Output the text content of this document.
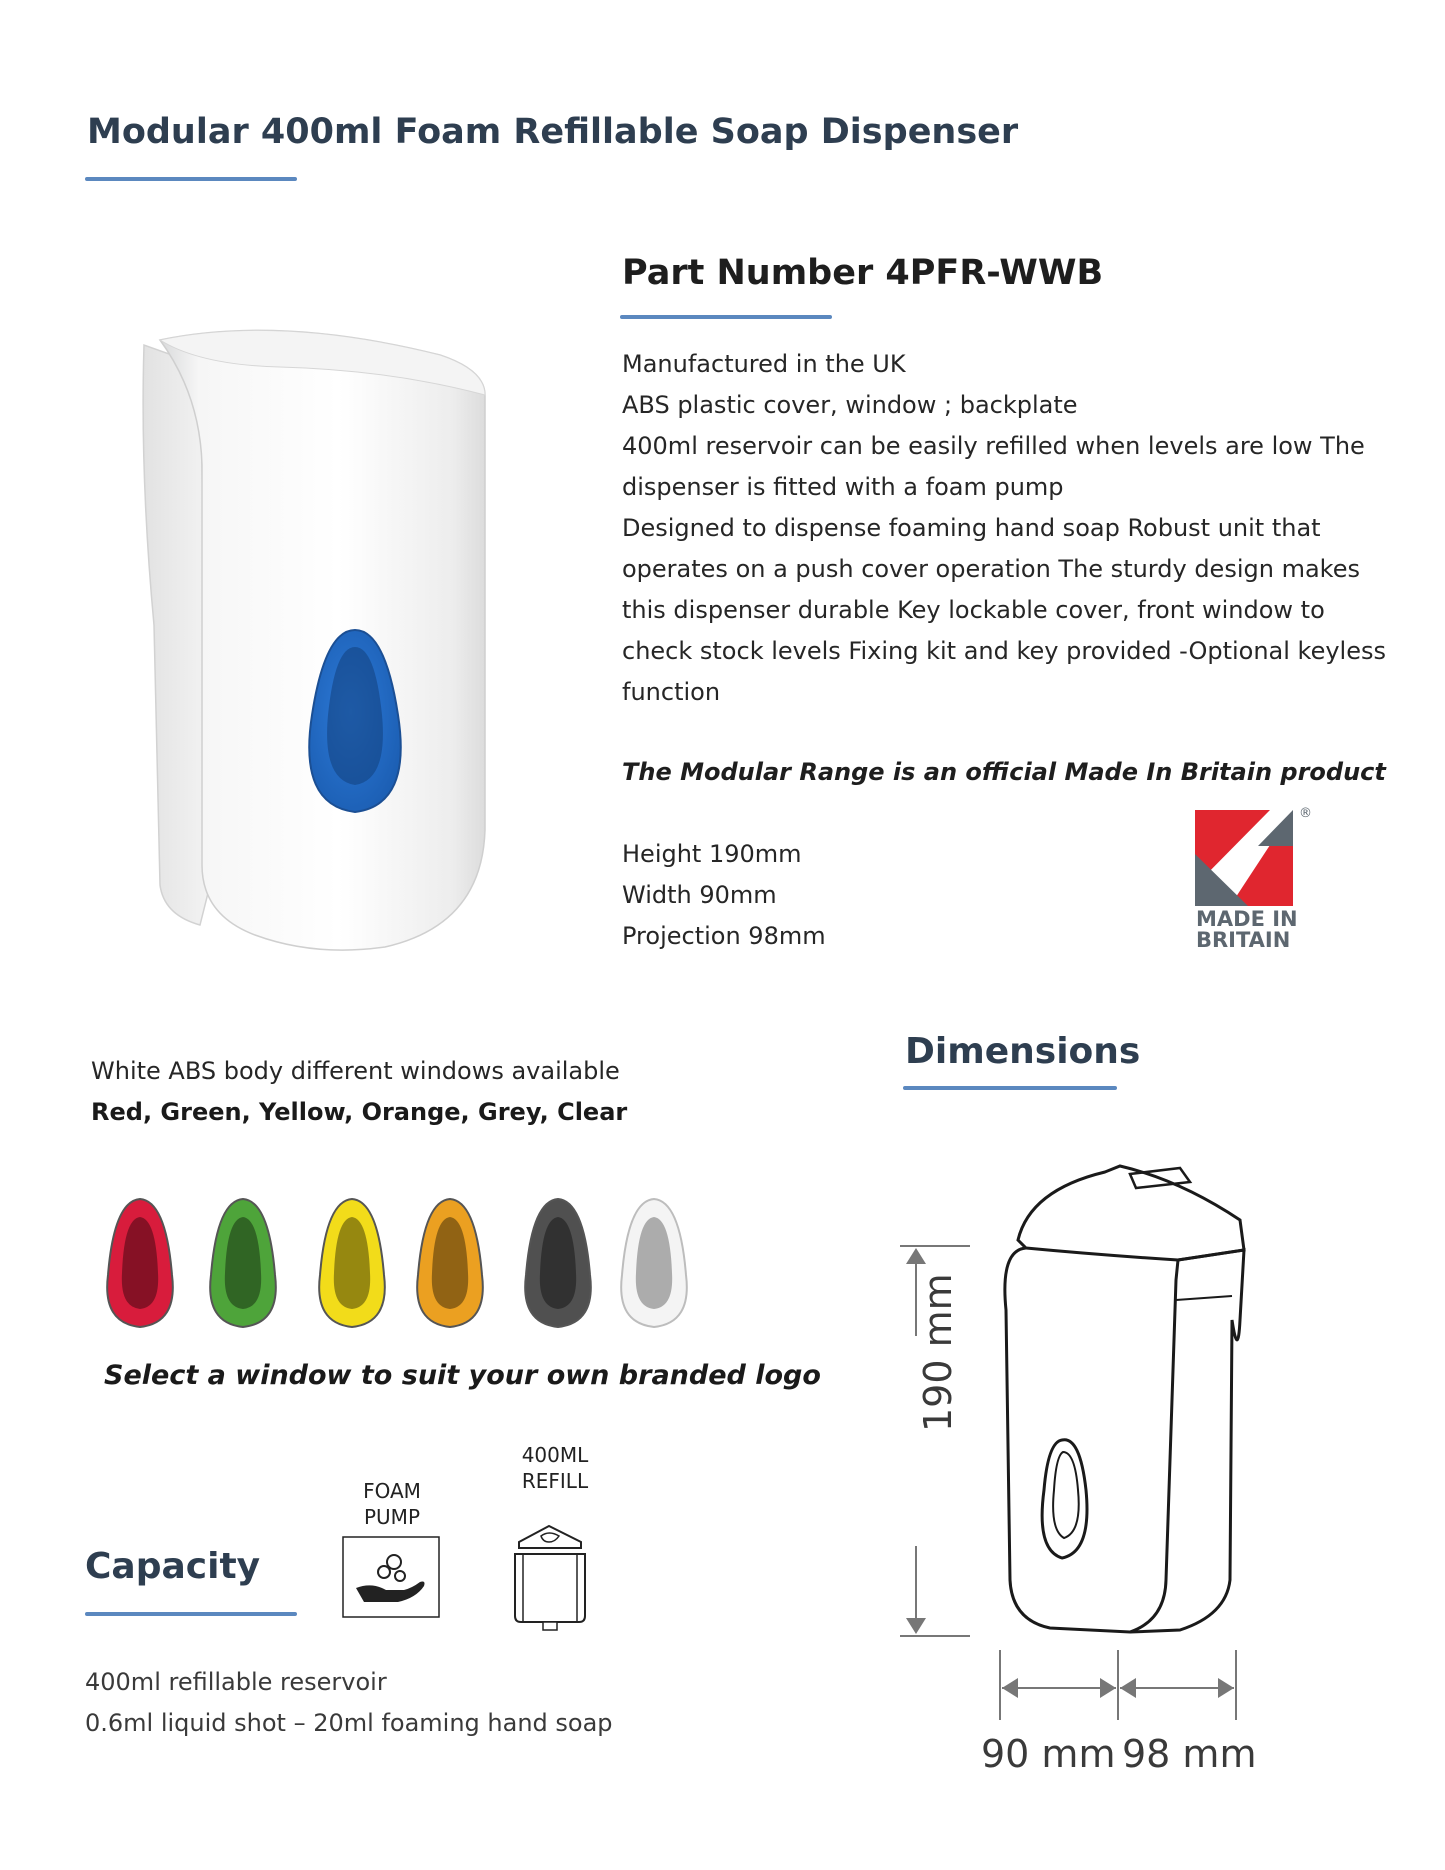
Modular 400ml Foam Refillable Soap Dispenser
Part Number 4PFR-WWB
Manufactured in the UK
ABS plastic cover, window ; backplate
400ml reservoir can be easily refilled when levels are low The
dispenser is fitted with a foam pump
Designed to dispense foaming hand soap Robust unit that
operates on a push cover operation The sturdy design makes
this dispenser durable Key lockable cover, front window to
check stock levels Fixing kit and key provided -Optional keyless
function
The Modular Range is an official Made In Britain product
Height 190mm
Width 90mm
Projection 98mm
®
MADE IN
BRITAIN
White ABS body different windows available
Red, Green, Yellow, Orange, Grey, Clear
Select a window to suit your own branded logo
FOAM
PUMP
400ML
REFILL
Capacity
400ml refillable reservoir
0.6ml liquid shot – 20ml foaming hand soap
Dimensions
190 mm
90 mm 98 mm
